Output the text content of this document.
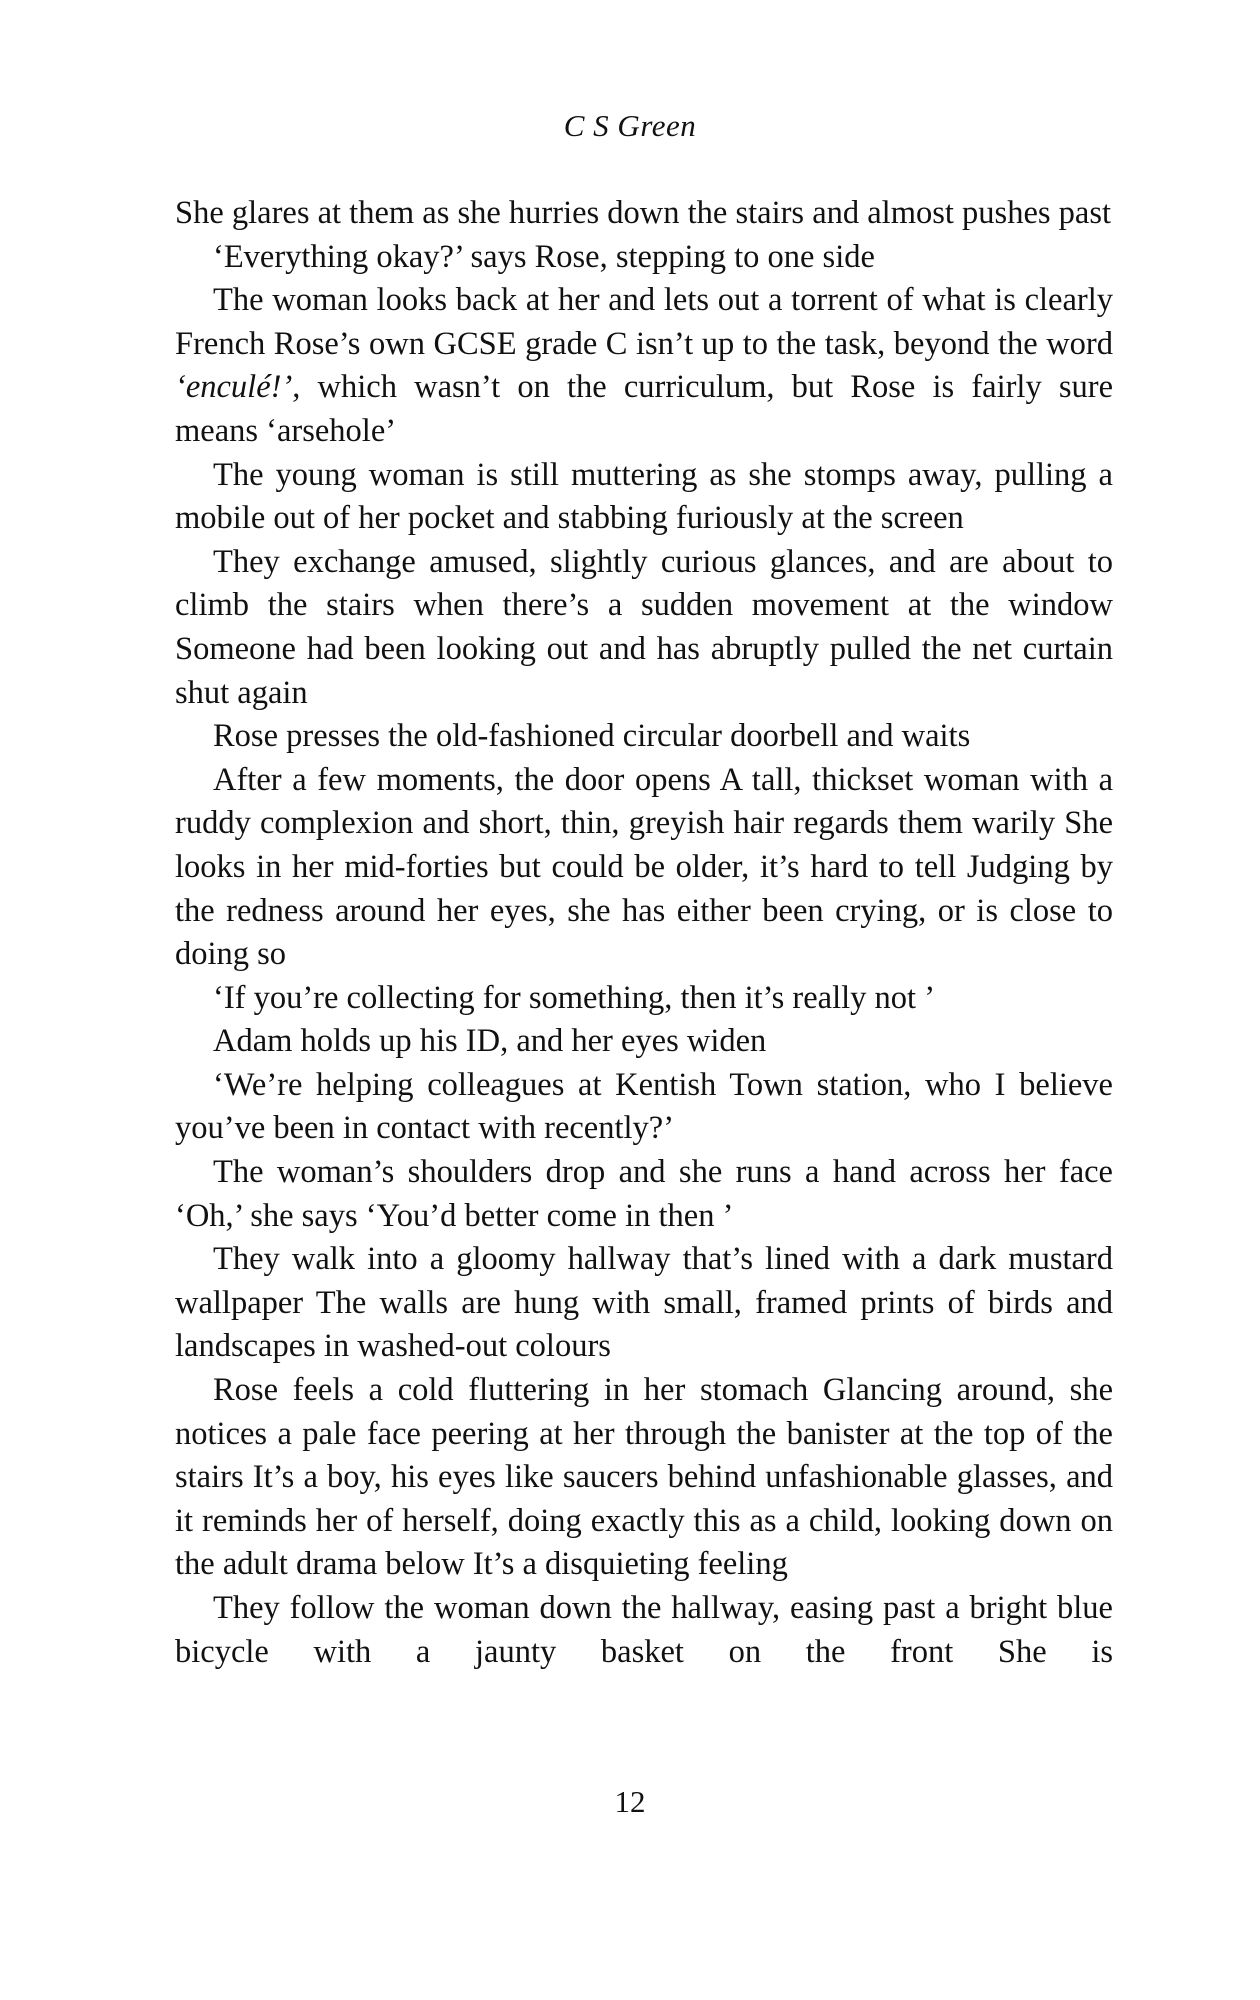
C S Green

She glares at them as she hurries down the stairs and almost pushes past

‘Everything okay?’ says Rose, stepping to one side

The woman looks back at her and lets out a torrent of what is clearly French Rose’s own GCSE grade C isn’t up to the task, beyond the word ‘enculé!’, which wasn’t on the curriculum, but Rose is fairly sure means ‘arsehole’

The young woman is still muttering as she stomps away, pulling a mobile out of her pocket and stabbing furiously at the screen

They exchange amused, slightly curious glances, and are about to climb the stairs when there’s a sudden movement at the window Someone had been looking out and has abruptly pulled the net curtain shut again

Rose presses the old-fashioned circular doorbell and waits

After a few moments, the door opens A tall, thickset woman with a ruddy complexion and short, thin, greyish hair regards them warily She looks in her mid-forties but could be older, it’s hard to tell Judging by the redness around her eyes, she has either been crying, or is close to doing so

‘If you’re collecting for something, then it’s really not ’

Adam holds up his ID, and her eyes widen

‘We’re helping colleagues at Kentish Town station, who I believe you’ve been in contact with recently?’

The woman’s shoulders drop and she runs a hand across her face ‘Oh,’ she says ‘You’d better come in then ’

They walk into a gloomy hallway that’s lined with a dark mustard wallpaper The walls are hung with small, framed prints of birds and landscapes in washed-out colours

Rose feels a cold fluttering in her stomach Glancing around, she notices a pale face peering at her through the banister at the top of the stairs It’s a boy, his eyes like saucers behind unfashionable glasses, and it reminds her of herself, doing exactly this as a child, looking down on the adult drama below It’s a disquieting feeling

They follow the woman down the hallway, easing past a bright blue bicycle with a jaunty basket on the front She is

12
